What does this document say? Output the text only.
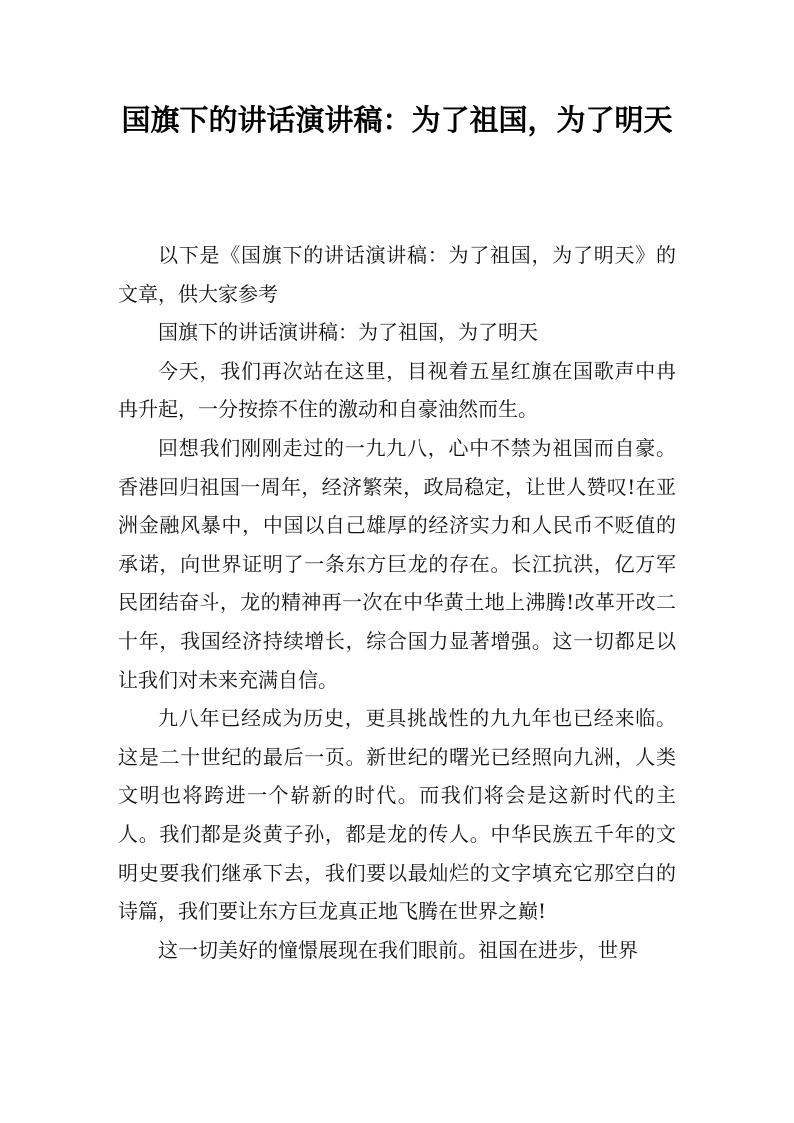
国旗下的讲话演讲稿：为了祖国，为了明天

以下是《国旗下的讲话演讲稿：为了祖国，为了明天》的文章，供大家参考

国旗下的讲话演讲稿：为了祖国，为了明天

今天，我们再次站在这里，目视着五星红旗在国歌声中冉冉升起，一分按捺不住的激动和自豪油然而生。

回想我们刚刚走过的一九九八，心中不禁为祖国而自豪。香港回归祖国一周年，经济繁荣，政局稳定，让世人赞叹!在亚洲金融风暴中，中国以自己雄厚的经济实力和人民币不贬值的承诺，向世界证明了一条东方巨龙的存在。长江抗洪，亿万军民团结奋斗，龙的精神再一次在中华黄土地上沸腾!改革开改二十年，我国经济持续增长，综合国力显著增强。这一切都足以让我们对未来充满自信。

九八年已经成为历史，更具挑战性的九九年也已经来临。这是二十世纪的最后一页。新世纪的曙光已经照向九洲，人类文明也将跨进一个崭新的时代。而我们将会是这新时代的主人。我们都是炎黄子孙，都是龙的传人。中华民族五千年的文明史要我们继承下去，我们要以最灿烂的文字填充它那空白的诗篇，我们要让东方巨龙真正地飞腾在世界之巅!

这一切美好的憧憬展现在我们眼前。祖国在进步，世界
